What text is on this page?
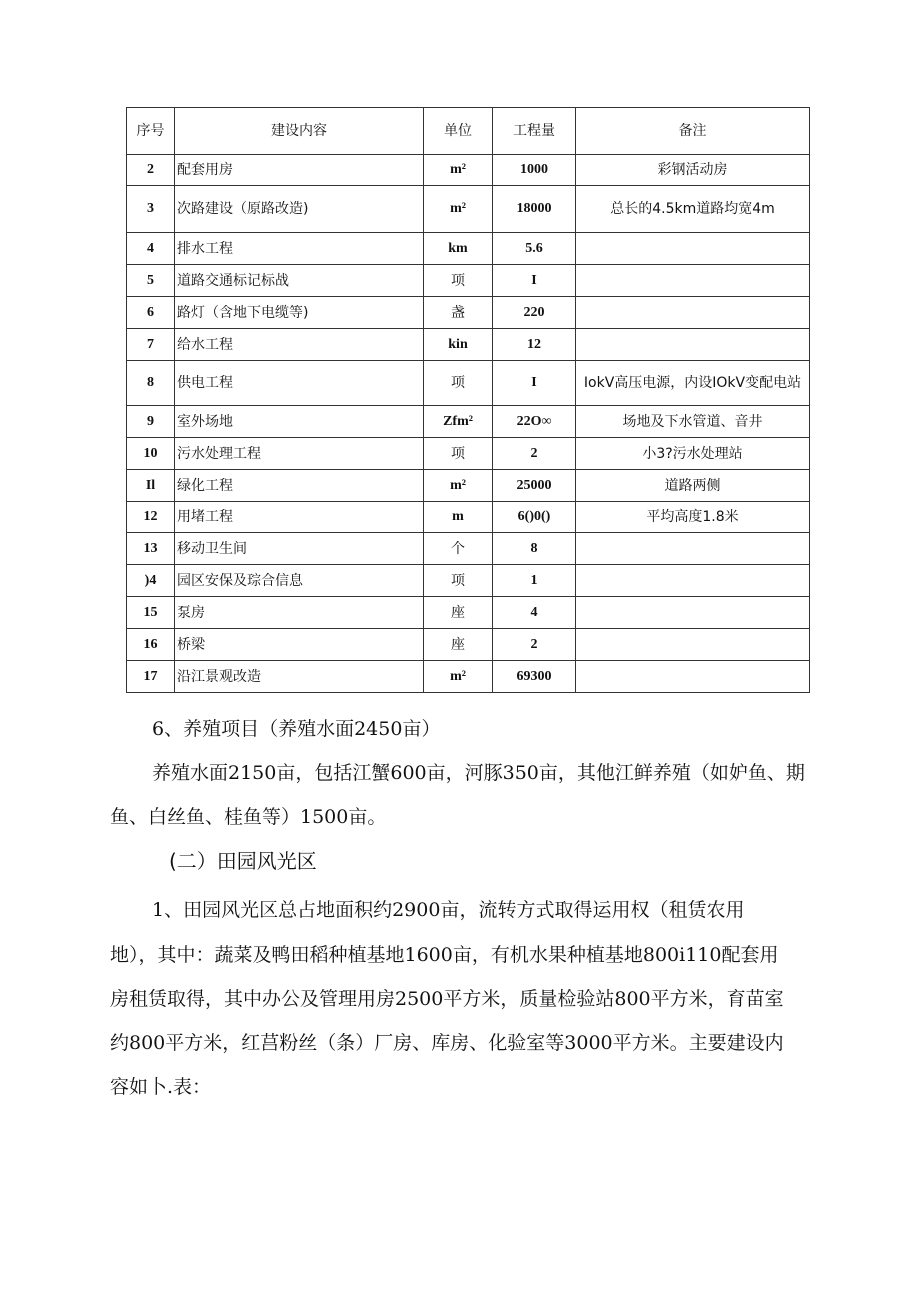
序号	建设内容	单位	工程量	备注
2	配套用房	m²	1000	彩钢活动房
3	次路建设（原路改造)	m²	18000	总长的4.5km道路均宽4m
4	排水工程	km	5.6	
5	道路交通标记标战	项	I	
6	路灯（含地下电缆等)	盏	220	
7	给水工程	kin	12	
8	供电工程	项	I	IokV高压电源，内设IOkV变配电站
9	室外场地	Zfm²	22O∞	场地及下水管道、音井
10	污水处理工程	项	2	小3?污水处理站
Il	绿化工程	m²	25000	道路两侧
12	用堵工程	m	6()0()	平均高度1.8米
13	移动卫生间	个	8	
)4	园区安保及琮合信息	项	1	
15	泵房	座	4	
16	桥梁	座	2	
17	沿江景观改造	m²	69300	

6、养殖项目（养殖水面2450亩）

养殖水面2150亩，包括江蟹600亩，河豚350亩，其他江鲜养殖（如妒鱼、期

鱼、白丝鱼、桂鱼等）1500亩。

(二）田园风光区

1、田园风光区总占地面积约2900亩，流转方式取得运用权（租赁农用

地），其中：蔬菜及鸭田稻种植基地1600亩，有机水果种植基地800i110配套用

房租赁取得，其中办公及管理用房2500平方米，质量检验站800平方米，育苗室

约800平方米，红莒粉丝（条）厂房、库房、化验室等3000平方米。主要建设内

容如卜.表：
